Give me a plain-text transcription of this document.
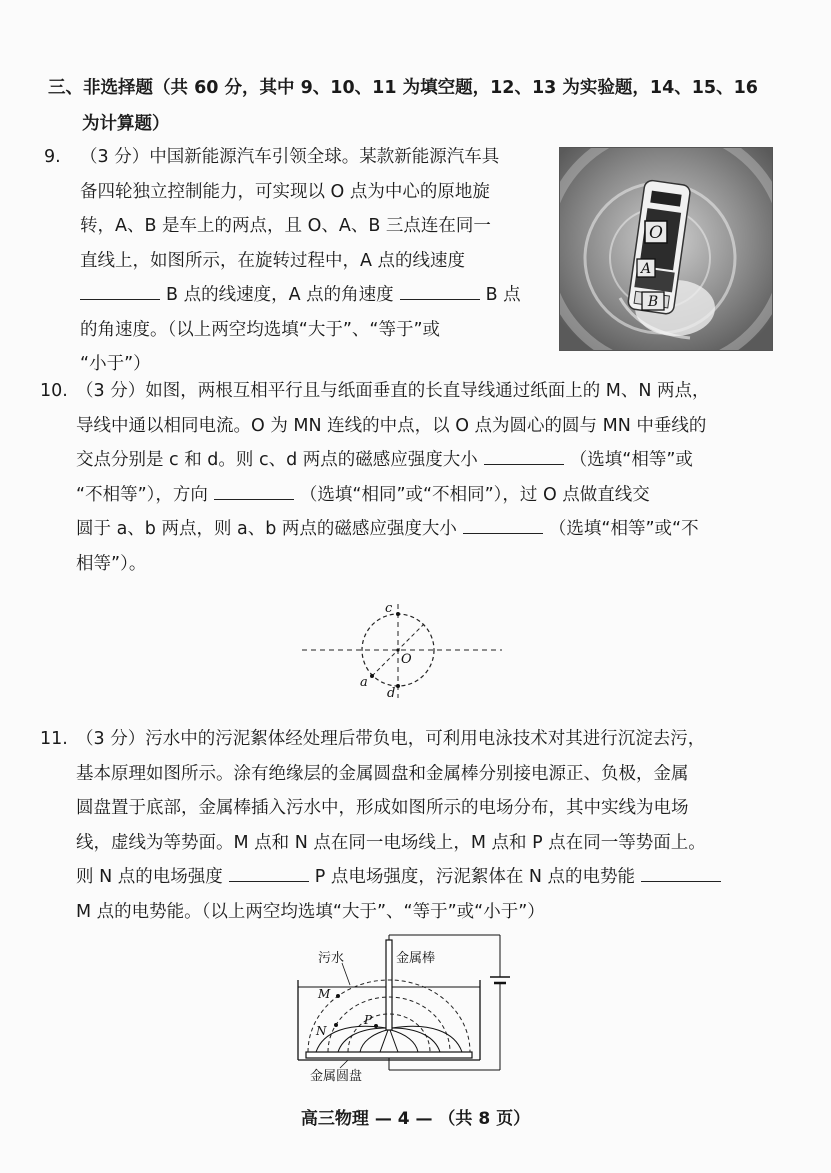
三、非选择题（共 60 分，其中 9、10、11 为填空题，12、13 为实验题，14、15、16
为计算题）
9. （3 分）中国新能源汽车引领全球。某款新能源汽车具
备四轮独立控制能力，可实现以 O 点为中心的原地旋
转，A、B 是车上的两点，且 O、A、B 三点连在同一
直线上，如图所示，在旋转过程中，A 点的线速度
B 点的线速度，A 点的角速度	B 点
的角速度。（以上两空均选填“大于”、“等于”或
“小于”）
O
A
B
10. （3 分）如图，两根互相平行且与纸面垂直的长直导线通过纸面上的 M、N 两点，
导线中通以相同电流。O 为 MN 连线的中点，以 O 点为圆心的圆与 MN 中垂线的
交点分别是 c 和 d。则 c、d 两点的磁感应强度大小	（选填“相等”或
“不相等”），方向	（选填“相同”或“不相同”），过 O 点做直线交
圆于 a、b 两点，则 a、b 两点的磁感应强度大小	（选填“相等”或“不
相等”）。
c
O
a
d
11. （3 分）污水中的污泥絮体经处理后带负电，可利用电泳技术对其进行沉淀去污，
基本原理如图所示。涂有绝缘层的金属圆盘和金属棒分别接电源正、负极，金属
圆盘置于底部，金属棒插入污水中，形成如图所示的电场分布，其中实线为电场
线，虚线为等势面。M 点和 N 点在同一电场线上，M 点和 P 点在同一等势面上。
则 N 点的电场强度	P 点电场强度，污泥絮体在 N 点的电势能
M 点的电势能。（以上两空均选填“大于”、“等于”或“小于”）
污水	金属棒
M
N
P
金属圆盘
高三物理 — 4 — （共 8 页）
